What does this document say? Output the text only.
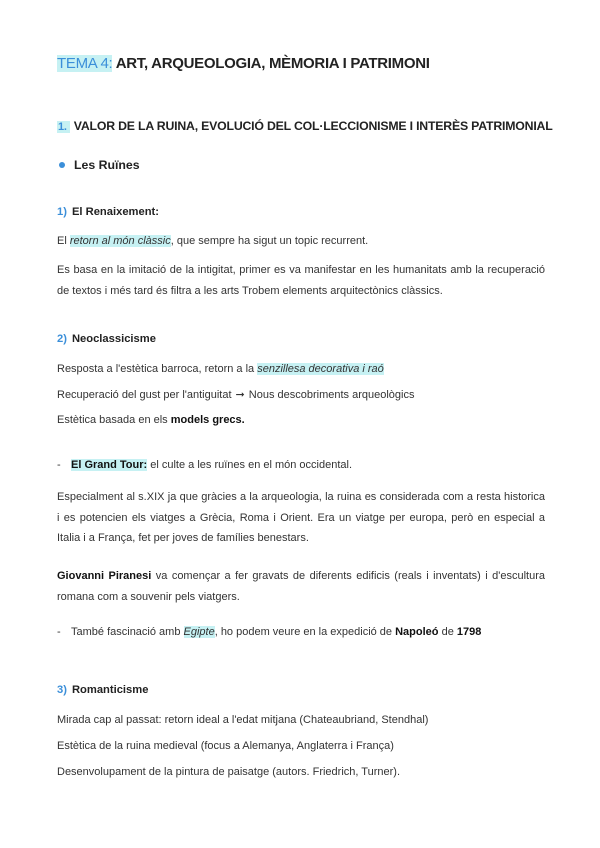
TEMA 4: ART, ARQUEOLOGIA, MÈMORIA I PATRIMONI
1. VALOR DE LA RUINA, EVOLUCIÓ DEL COL·LECCIONISME I INTERÈS PATRIMONIAL
Les Ruïnes
1) El Renaixement:
El retorn al món clàssic, que sempre ha sigut un topic recurrent.
Es basa en la imitació de la intigitat, primer es va manifestar en les humanitats amb la recuperació de textos i més tard és filtra a les arts Trobem elements arquitectònics clàssics.
2) Neoclassicisme
Resposta a l'estètica barroca, retorn a la senzillesa decorativa i raó
Recuperació del gust per l'antiguitat ➞ Nous descobriments arqueològics
Estètica basada en els models grecs.
- El Grand Tour: el culte a les ruïnes en el món occidental.
Especialment al s.XIX ja que gràcies a la arqueologia, la ruina es considerada com a resta historica i es potencien els viatges a Grècia, Roma i Orient. Era un viatge per europa, però en especial a Italia i a França, fet per joves de famílies benestars.
Giovanni Piranesi va començar a fer gravats de diferents edificis (reals i inventats) i d'escultura romana com a souvenir pels viatgers.
- També fascinació amb Egipte, ho podem veure en la expedició de Napoleó de 1798
3) Romanticisme
Mirada cap al passat: retorn ideal a l'edat mitjana (Chateaubriand, Stendhal)
Estètica de la ruina medieval (focus a Alemanya, Anglaterra i França)
Desenvolupament de la pintura de paisatge (autors. Friedrich, Turner).
